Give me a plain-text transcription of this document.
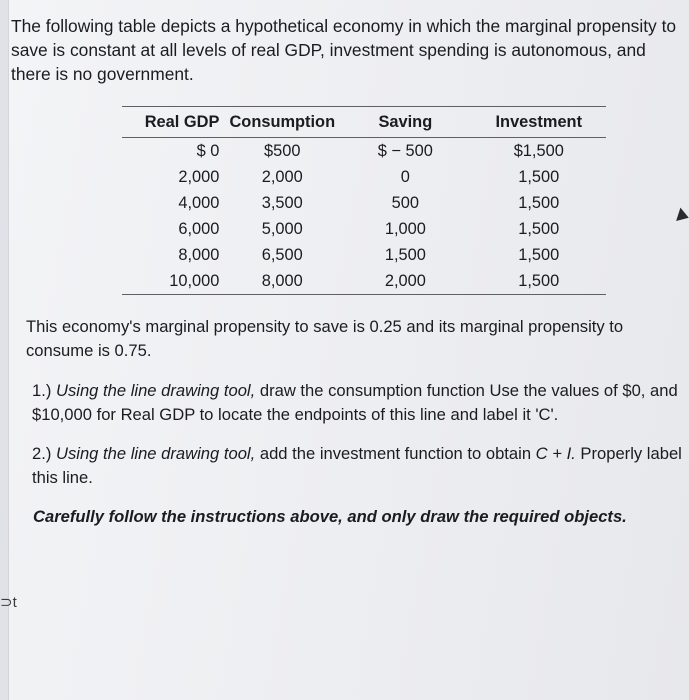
The following table depicts a hypothetical economy in which the marginal propensity to save is constant at all levels of real GDP, investment spending is autonomous, and there is no government.

Real GDP	Consumption	Saving	Investment
$ 0	$500	$ − 500	$1,500
2,000	2,000	0	1,500
4,000	3,500	500	1,500
6,000	5,000	1,000	1,500
8,000	6,500	1,500	1,500
10,000	8,000	2,000	1,500

This economy's marginal propensity to save is 0.25 and its marginal propensity to consume is 0.75.

1.) Using the line drawing tool, draw the consumption function Use the values of $0, and $10,000 for Real GDP to locate the endpoints of this line and label it 'C'.

2.) Using the line drawing tool, add the investment function to obtain C + I. Properly label this line.

Carefully follow the instructions above, and only draw the required objects.

⊃t
